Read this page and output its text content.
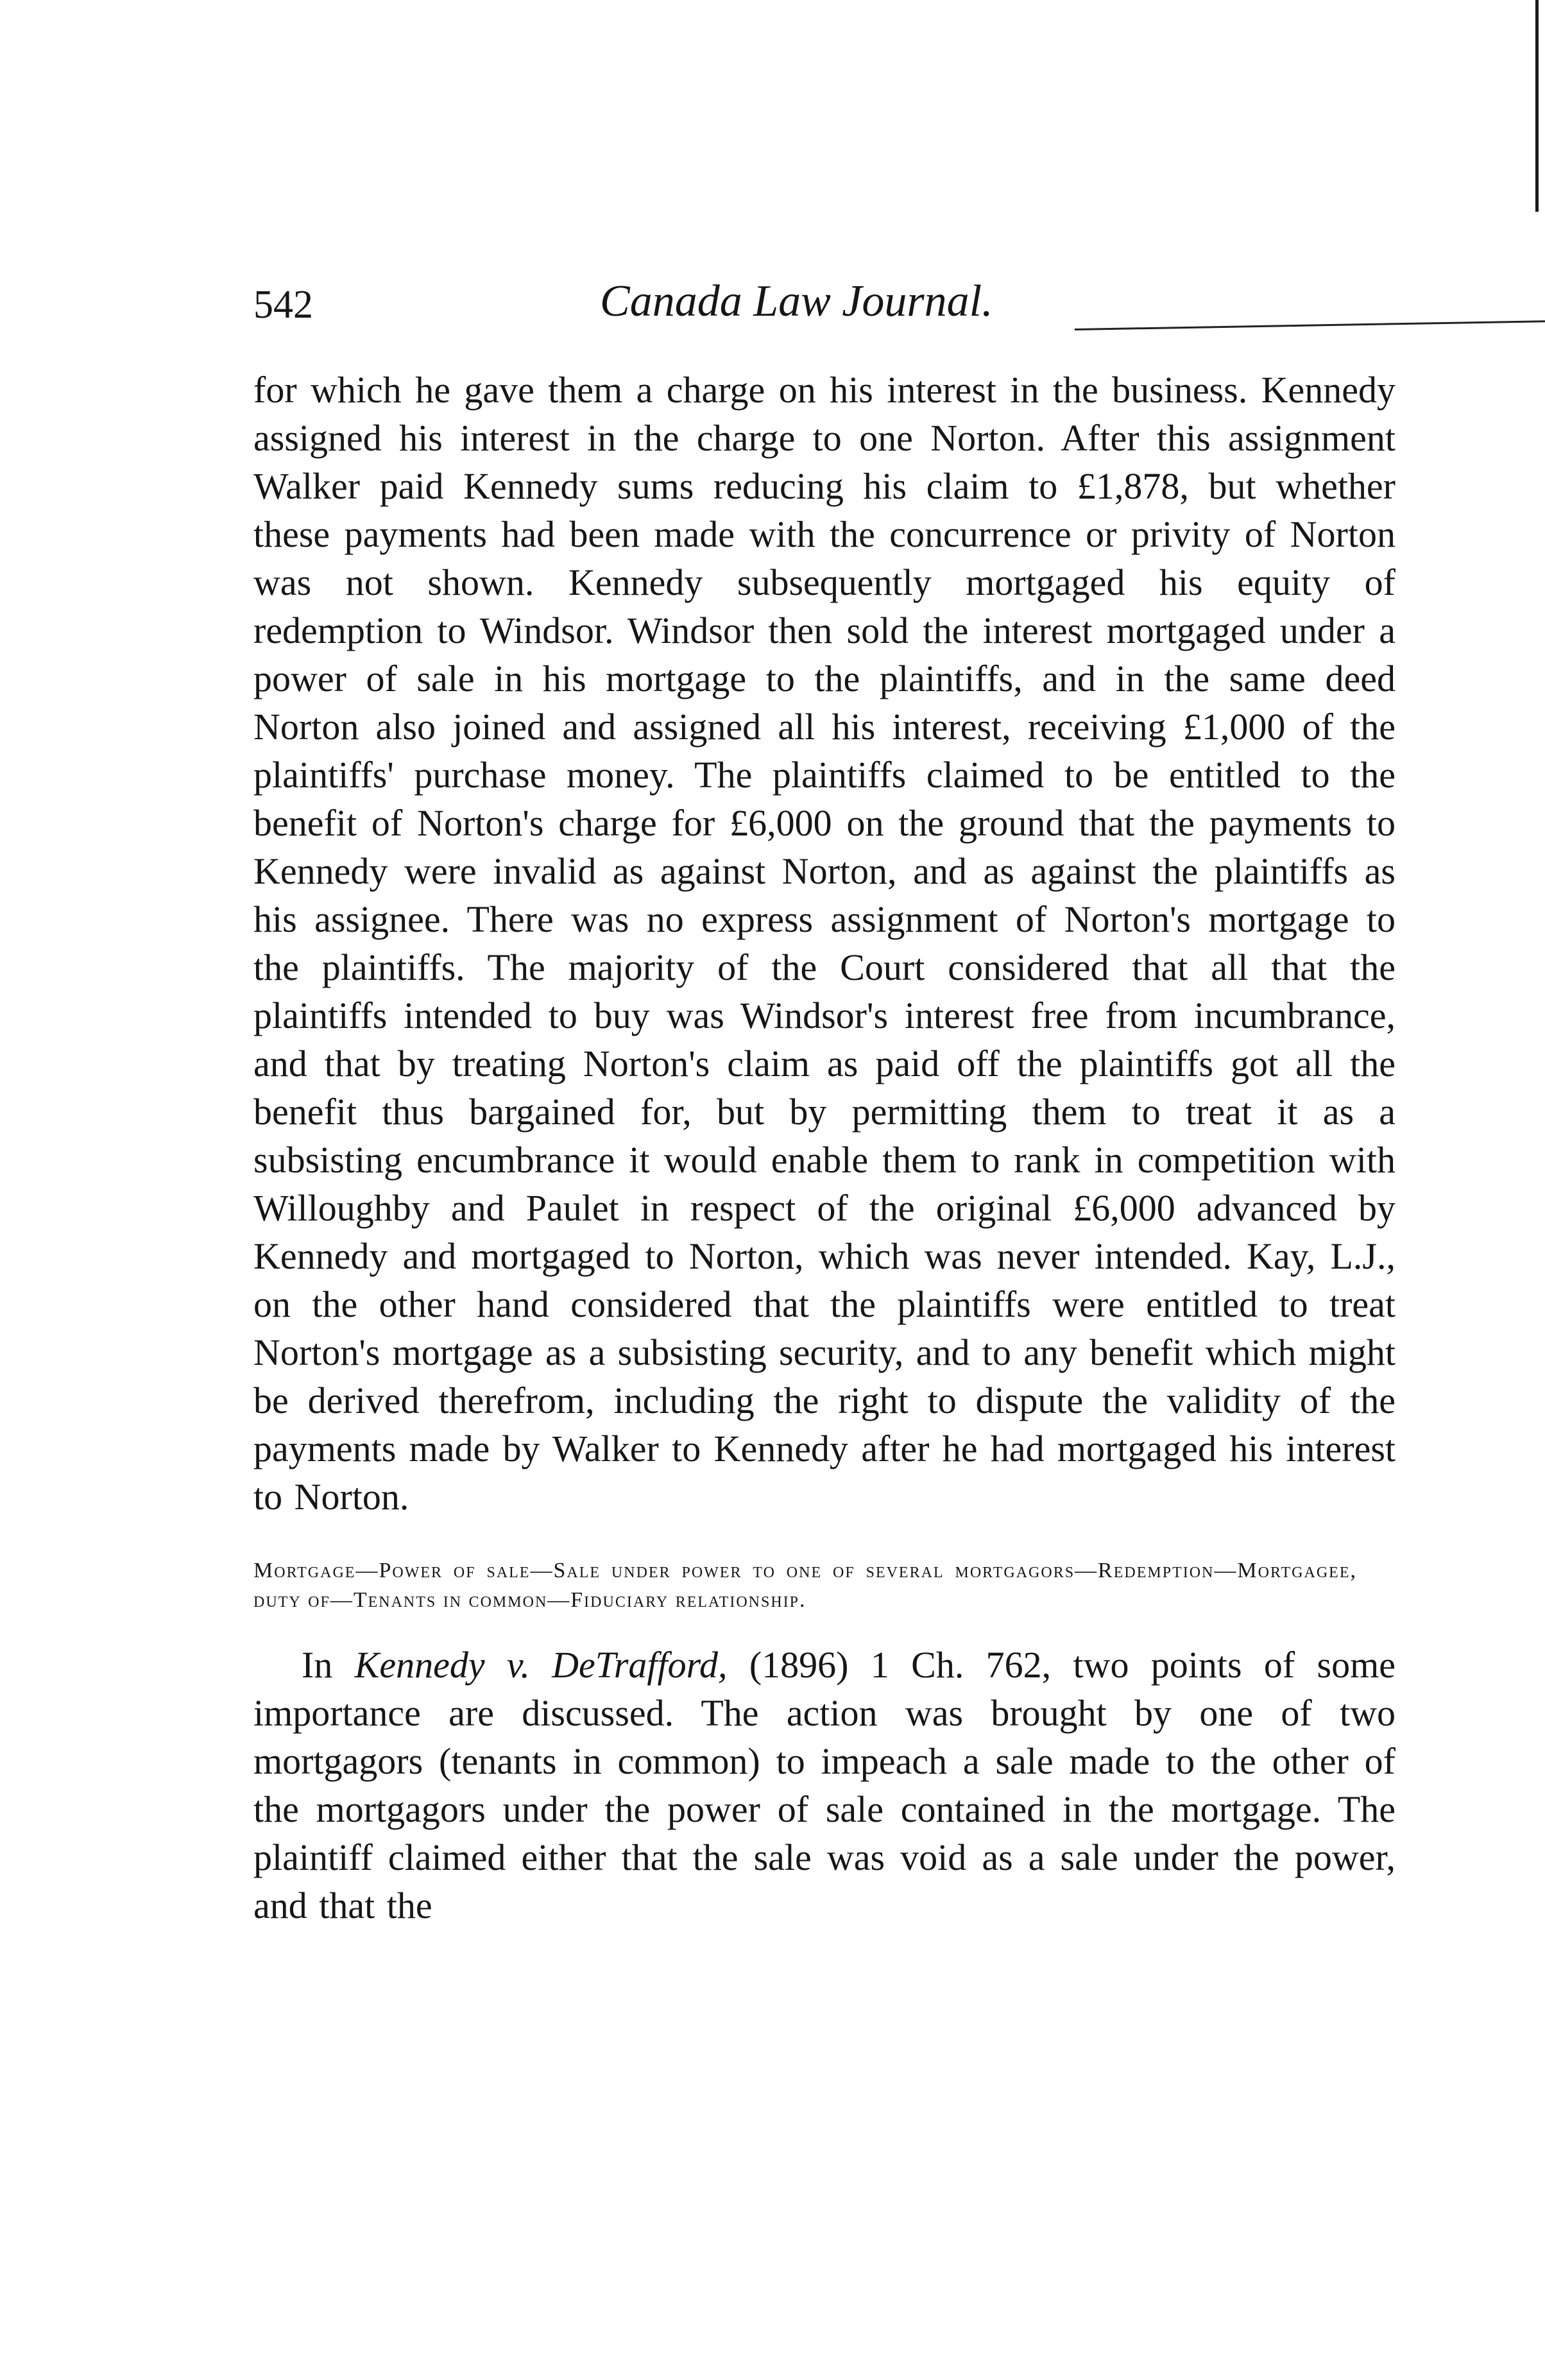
542	Canada Law Journal.

for which he gave them a charge on his interest in the business. Kennedy assigned his interest in the charge to one Norton. After this assignment Walker paid Kennedy sums reducing his claim to £1,878, but whether these payments had been made with the concurrence or privity of Norton was not shown. Kennedy subsequently mortgaged his equity of redemption to Windsor. Windsor then sold the interest mortgaged under a power of sale in his mortgage to the plaintiffs, and in the same deed Norton also joined and assigned all his interest, receiving £1,000 of the plaintiffs' purchase money. The plaintiffs claimed to be entitled to the benefit of Norton's charge for £6,000 on the ground that the payments to Kennedy were invalid as against Norton, and as against the plaintiffs as his assignee. There was no express assignment of Norton's mortgage to the plaintiffs. The majority of the Court considered that all that the plaintiffs intended to buy was Windsor's interest free from incumbrance, and that by treating Norton's claim as paid off the plaintiffs got all the benefit thus bargained for, but by permitting them to treat it as a subsisting encumbrance it would enable them to rank in competition with Willoughby and Paulet in respect of the original £6,000 advanced by Kennedy and mortgaged to Norton, which was never intended. Kay, L.J., on the other hand considered that the plaintiffs were entitled to treat Norton's mortgage as a subsisting security, and to any benefit which might be derived therefrom, including the right to dispute the validity of the payments made by Walker to Kennedy after he had mortgaged his interest to Norton.

Mortgage—Power of sale—Sale under power to one of several mortgagors—Redemption—Mortgagee, duty of—Tenants in common—Fiduciary relationship.

In Kennedy v. DeTrafford, (1896) 1 Ch. 762, two points of some importance are discussed. The action was brought by one of two mortgagors (tenants in common) to impeach a sale made to the other of the mortgagors under the power of sale contained in the mortgage. The plaintiff claimed either that the sale was void as a sale under the power, and that the
